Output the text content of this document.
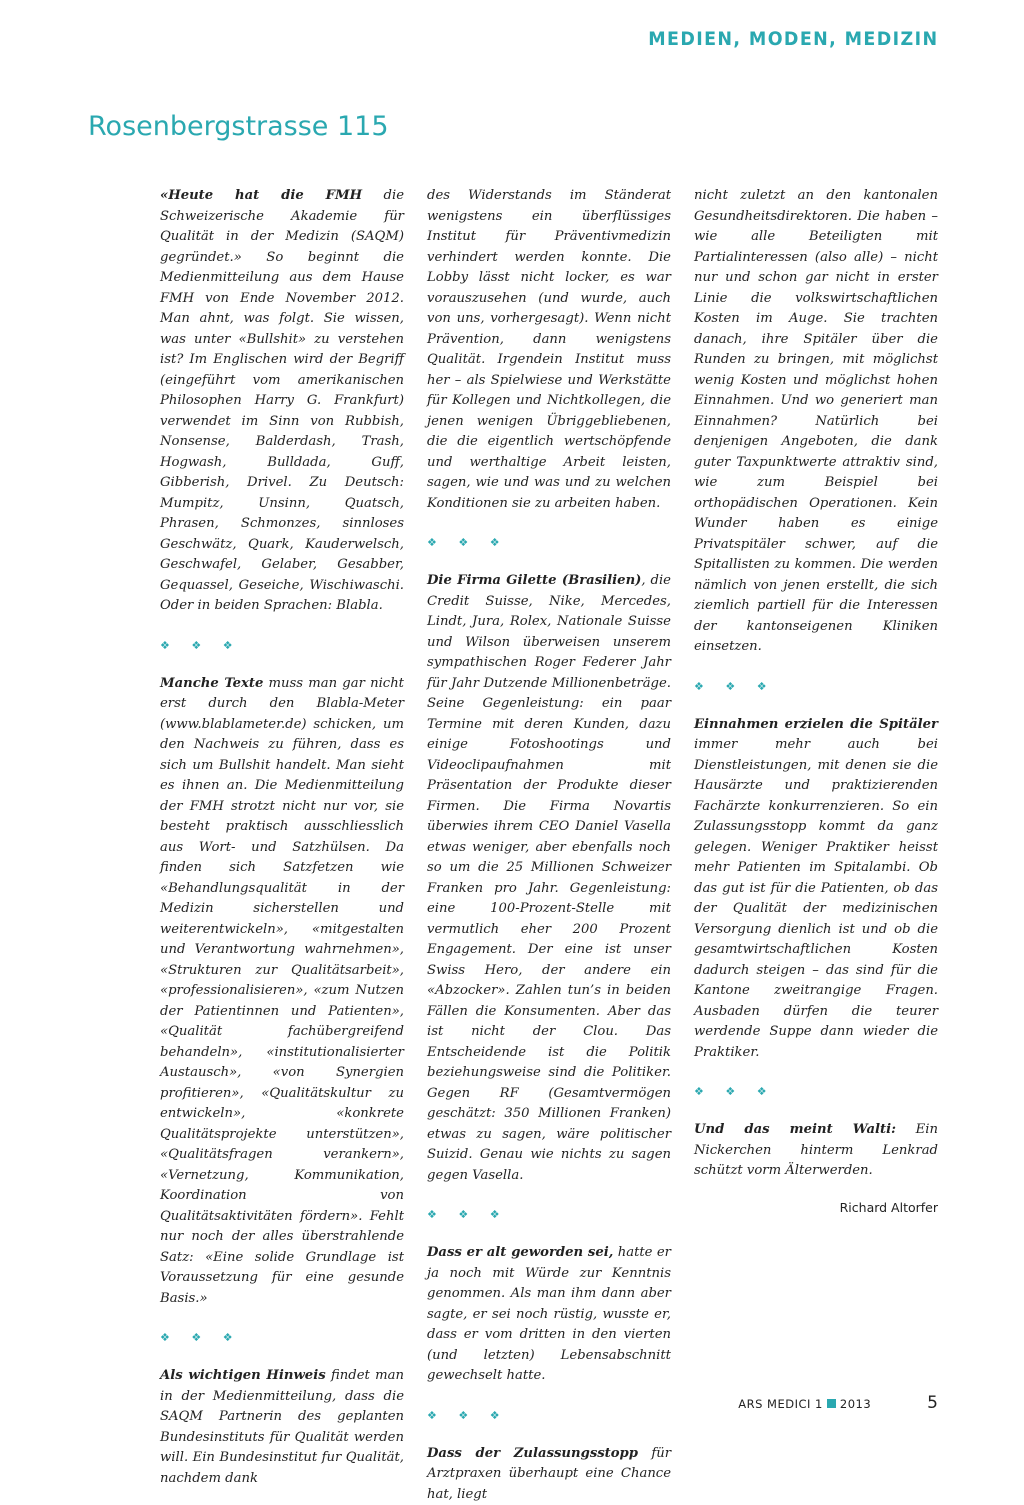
MEDIEN, MODEN, MEDIZIN
Rosenbergstrasse 115

«Heute hat die FMH die Schweizerische Akademie für Qualität in der Medizin (SAQM) gegründet.» So beginnt die Medienmitteilung aus dem Hause FMH von Ende November 2012. Man ahnt, was folgt. Sie wissen, was unter «Bullshit» zu verstehen ist? Im Englischen wird der Begriff (eingeführt vom amerikanischen Philosophen Harry G. Frankfurt) verwendet im Sinn von Rubbish, Nonsense, Balderdash, Trash, Hogwash, Bulldada, Guff, Gibberish, Drivel. Zu Deutsch: Mumpitz, Unsinn, Quatsch, Phrasen, Schmonzes, sinnloses Geschwätz, Quark, Kauderwelsch, Geschwafel, Gelaber, Gesabber, Gequassel, Geseiche, Wischiwaschi. Oder in beiden Sprachen: Blabla.

❖ ❖ ❖

Manche Texte muss man gar nicht erst durch den Blabla-Meter (www.blablameter.de) schicken, um den Nachweis zu führen, dass es sich um Bullshit handelt. Man sieht es ihnen an. Die Medienmitteilung der FMH strotzt nicht nur vor, sie besteht praktisch ausschliesslich aus Wort- und Satzhülsen. Da finden sich Satzfetzen wie «Behandlungsqualität in der Medizin sicherstellen und weiterentwickeln», «mitgestalten und Verantwortung wahrnehmen», «Strukturen zur Qualitätsarbeit», «professionalisieren», «zum Nutzen der Patientinnen und Patienten», «Qualität fachübergreifend behandeln», «institutionalisierter Austausch», «von Synergien profitieren», «Qualitätskultur zu entwickeln», «konkrete Qualitätsprojekte unterstützen», «Qualitätsfragen verankern», «Vernetzung, Kommunikation, Koordination von Qualitätsaktivitäten fördern». Fehlt nur noch der alles überstrahlende Satz: «Eine solide Grundlage ist Voraussetzung für eine gesunde Basis.»

❖ ❖ ❖

Als wichtigen Hinweis findet man in der Medienmitteilung, dass die SAQM Partnerin des geplanten Bundesinstituts für Qualität werden will. Ein Bundesinstitut fur Qualität, nachdem dank

des Widerstands im Ständerat wenigstens ein überflüssiges Institut für Präventivmedizin verhindert werden konnte. Die Lobby lässt nicht locker, es war vorauszusehen (und wurde, auch von uns, vorhergesagt). Wenn nicht Prävention, dann wenigstens Qualität. Irgendein Institut muss her – als Spielwiese und Werkstätte für Kollegen und Nichtkollegen, die jenen wenigen Übriggebliebenen, die die eigentlich wertschöpfende und werthaltige Arbeit leisten, sagen, wie und was und zu welchen Konditionen sie zu arbeiten haben.

❖ ❖ ❖

Die Firma Gilette (Brasilien), die Credit Suisse, Nike, Mercedes, Lindt, Jura, Rolex, Nationale Suisse und Wilson überweisen unserem sympathischen Roger Federer Jahr für Jahr Dutzende Millionenbeträge. Seine Gegenleistung: ein paar Termine mit deren Kunden, dazu einige Fotoshootings und Videoclipaufnahmen mit Präsentation der Produkte dieser Firmen. Die Firma Novartis überwies ihrem CEO Daniel Vasella etwas weniger, aber ebenfalls noch so um die 25 Millionen Schweizer Franken pro Jahr. Gegenleistung: eine 100-Prozent-Stelle mit vermutlich eher 200 Prozent Engagement. Der eine ist unser Swiss Hero, der andere ein «Abzocker». Zahlen tun’s in beiden Fällen die Konsumenten. Aber das ist nicht der Clou. Das Entscheidende ist die Politik beziehungsweise sind die Politiker. Gegen RF (Gesamtvermögen geschätzt: 350 Millionen Franken) etwas zu sagen, wäre politischer Suizid. Genau wie nichts zu sagen gegen Vasella.

❖ ❖ ❖

Dass er alt geworden sei, hatte er ja noch mit Würde zur Kenntnis genommen. Als man ihm dann aber sagte, er sei noch rüstig, wusste er, dass er vom dritten in den vierten (und letzten) Lebensabschnitt gewechselt hatte.

❖ ❖ ❖

Dass der Zulassungsstopp für Arztpraxen überhaupt eine Chance hat, liegt

nicht zuletzt an den kantonalen Gesundheitsdirektoren. Die haben – wie alle Beteiligten mit Partialinteressen (also alle) – nicht nur und schon gar nicht in erster Linie die volkswirtschaftlichen Kosten im Auge. Sie trachten danach, ihre Spitäler über die Runden zu bringen, mit möglichst wenig Kosten und möglichst hohen Einnahmen. Und wo generiert man Einnahmen? Natürlich bei denjenigen Angeboten, die dank guter Taxpunktwerte attraktiv sind, wie zum Beispiel bei orthopädischen Operationen. Kein Wunder haben es einige Privatspitäler schwer, auf die Spitallisten zu kommen. Die werden nämlich von jenen erstellt, die sich ziemlich partiell für die Interessen der kantonseigenen Kliniken einsetzen.

❖ ❖ ❖

Einnahmen erzielen die Spitäler immer mehr auch bei Dienstleistungen, mit denen sie die Hausärzte und praktizierenden Fachärzte konkurrenzieren. So ein Zulassungsstopp kommt da ganz gelegen. Weniger Praktiker heisst mehr Patienten im Spitalambi. Ob das gut ist für die Patienten, ob das der Qualität der medizinischen Versorgung dienlich ist und ob die gesamtwirtschaftlichen Kosten dadurch steigen – das sind für die Kantone zweitrangige Fragen. Ausbaden dürfen die teurer werdende Suppe dann wieder die Praktiker.

❖ ❖ ❖

Und das meint Walti: Ein Nickerchen hinterm Lenkrad schützt vorm Älterwerden.

Richard Altorfer
ARS MEDICI 1 2013	5
